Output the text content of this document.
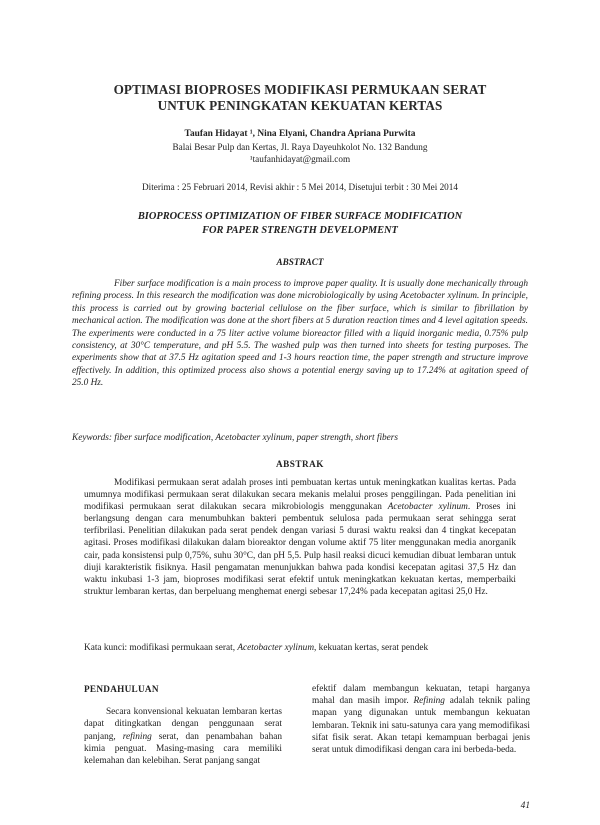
OPTIMASI BIOPROSES MODIFIKASI PERMUKAAN SERAT
UNTUK PENINGKATAN KEKUATAN KERTAS
Taufan Hidayat ¹, Nina Elyani, Chandra Apriana Purwita
Balai Besar Pulp dan Kertas, Jl. Raya Dayeuhkolot No. 132 Bandung
¹taufanhidayat@gmail.com
Diterima : 25 Februari 2014, Revisi akhir : 5 Mei 2014, Disetujui terbit : 30 Mei 2014
BIOPROCESS OPTIMIZATION OF FIBER SURFACE MODIFICATION
FOR PAPER STRENGTH DEVELOPMENT
ABSTRACT

Fiber surface modification is a main process to improve paper quality. It is usually done mechanically through refining process. In this research the modification was done microbiologically by using Acetobacter xylinum. In principle, this process is carried out by growing bacterial cellulose on the fiber surface, which is similar to fibrillation by mechanical action. The modification was done at the short fibers at 5 duration reaction times and 4 level agitation speeds. The experiments were conducted in a 75 liter active volume bioreactor filled with a liquid inorganic media, 0.75% pulp consistency, at 30°C temperature, and pH 5.5. The washed pulp was then turned into sheets for testing purposes. The experiments show that at 37.5 Hz agitation speed and 1-3 hours reaction time, the paper strength and structure improve effectively. In addition, this optimized process also shows a potential energy saving up to 17.24% at agitation speed of 25.0 Hz.

Keywords: fiber surface modification, Acetobacter xylinum, paper strength, short fibers
ABSTRAK

Modifikasi permukaan serat adalah proses inti pembuatan kertas untuk meningkatkan kualitas kertas. Pada umumnya modifikasi permukaan serat dilakukan secara mekanis melalui proses penggilingan. Pada penelitian ini modifikasi permukaan serat dilakukan secara mikrobiologis menggunakan Acetobacter xylinum. Proses ini berlangsung dengan cara menumbuhkan bakteri pembentuk selulosa pada permukaan serat sehingga serat terfibrilasi. Penelitian dilakukan pada serat pendek dengan variasi 5 durasi waktu reaksi dan 4 tingkat kecepatan agitasi. Proses modifikasi dilakukan dalam bioreaktor dengan volume aktif 75 liter menggunakan media anorganik cair, pada konsistensi pulp 0,75%, suhu 30°C, dan pH 5,5. Pulp hasil reaksi dicuci kemudian dibuat lembaran untuk diuji karakteristik fisiknya. Hasil pengamatan menunjukkan bahwa pada kondisi kecepatan agitasi 37,5 Hz dan waktu inkubasi 1-3 jam, bioproses modifikasi serat efektif untuk meningkatkan kekuatan kertas, memperbaiki struktur lembaran kertas, dan berpeluang menghemat energi sebesar 17,24% pada kecepatan agitasi 25,0 Hz.

Kata kunci: modifikasi permukaan serat, Acetobacter xylinum, kekuatan kertas, serat pendek
PENDAHULUAN

Secara konvensional kekuatan lembaran kertas dapat ditingkatkan dengan penggunaan serat panjang, refining serat, dan penambahan bahan kimia penguat. Masing-masing cara memiliki kelemahan dan kelebihan. Serat panjang sangat

efektif dalam membangun kekuatan, tetapi harganya mahal dan masih impor. Refining adalah teknik paling mapan yang digunakan untuk membangun kekuatan lembaran. Teknik ini satu-satunya cara yang memodifikasi sifat fisik serat. Akan tetapi kemampuan berbagai jenis serat untuk dimodifikasi dengan cara ini berbeda-beda.

41
